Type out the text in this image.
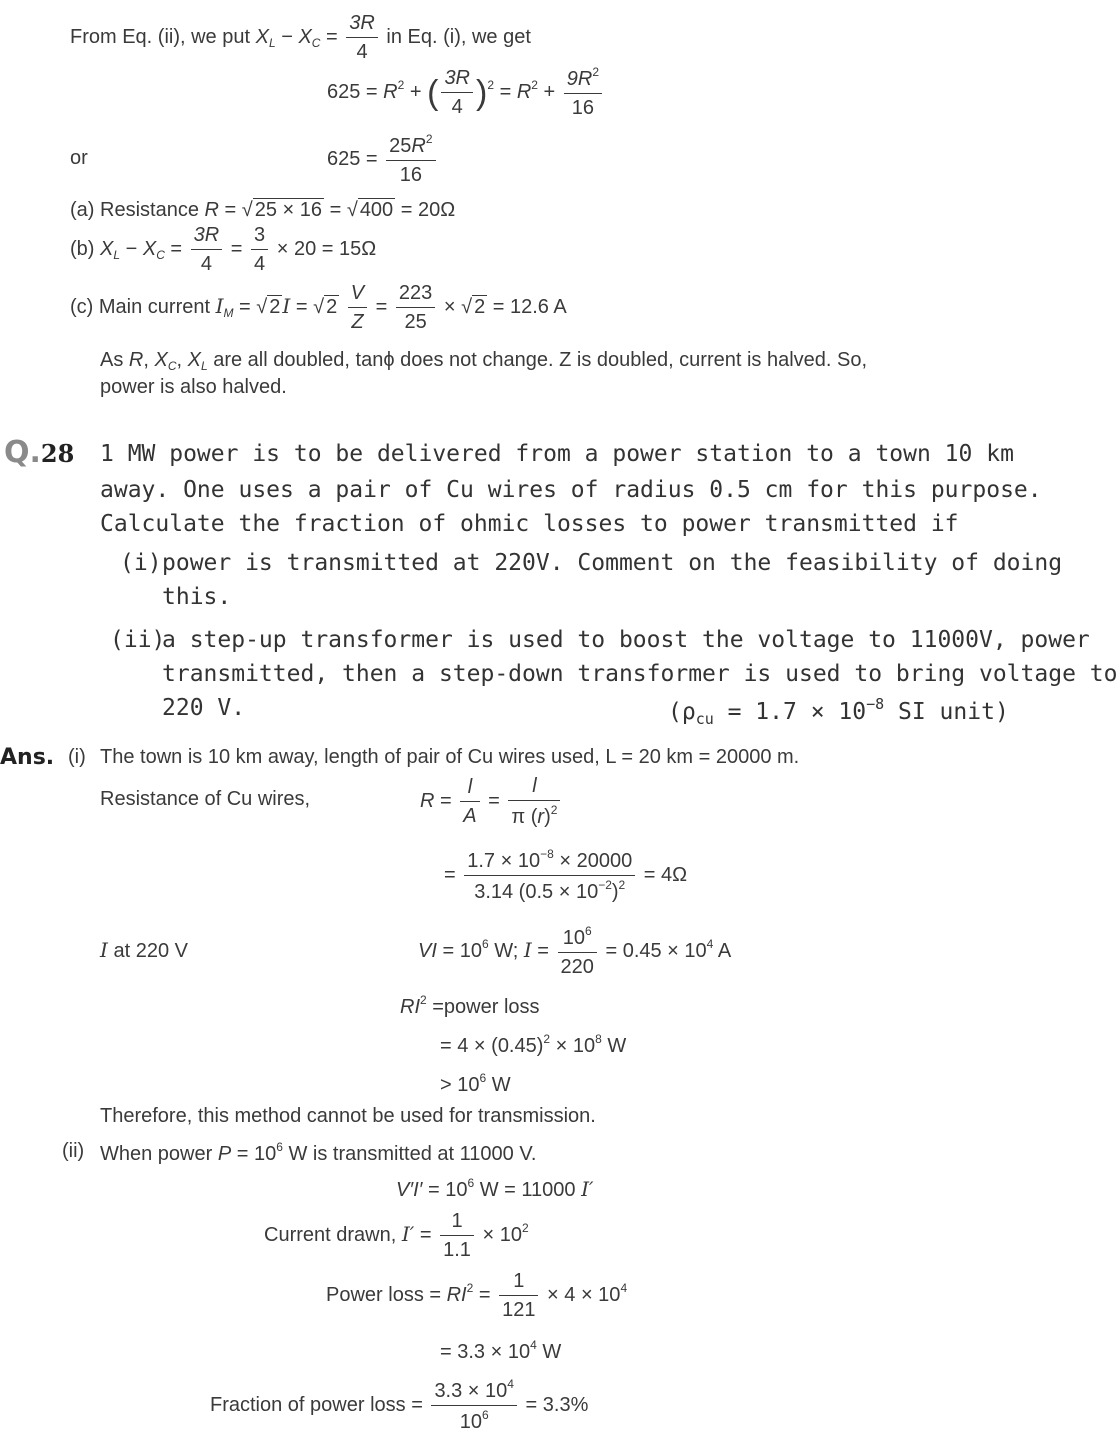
From Eq. (ii), we put $X_L - X_C = \frac{3R}{4}$ in Eq. (i), we get
$625 = R^2$ + ( $\frac{3R}{4} )^2 = R^2 + \frac{9R^2}{16}$
or	$625 = \frac{25R^2}{16}$
(a) Resistance R = √ 25 × 16 = √ 400 = 20Ω
(b) $X_L - X_C = \frac{3R}{4} = \frac{3}{4} \times 20 = 15\Omega$
(c) Main current $I_M$ = √ 2 I = √ $2 \frac{V}{Z} = \frac{223}{25}$ × √ 2 = 12.6 A
As R, $X_C$, $X_L$ are all doubled, tanϕ does not change. Z is doubled, current is halved. So,
power is also halved.
Q.28 1 MW power is to be delivered from a power station to a town 10 km
away. One uses a pair of Cu wires of radius 0.5 cm for this purpose.
Calculate the fraction of ohmic losses to power transmitted if
(i) power is transmitted at 220V. Comment on the feasibility of doing
this.
(ii)
a step-up transformer is used to boost the voltage to 11000V, power
transmitted, then a step-down transformer is used to bring voltage to
220 V.	($\rho_{cu} = 1.7 \times 10^{-8}$ SI unit)
Ans. (i) The town is 10 km away, length of pair of Cu wires used, L = 20 km = 20000 m.
Resistance of Cu wires,	$R = \frac{l}{A} = \frac{l}{\pi (r)^2}$
= $\frac{1.7 \times 10^{-8} \times 20000}{3.14 (0.5 \times 10^{-2})^2} = 4\Omega$
I at 220 V	VI = $10^6$ W; $I = \frac{10^6}{220} = 0.45 \times 10^4$ A
$RI^2$ =power loss
= $4 \times (0.45)^2 \times 10^8$ W
> $10^6$ W
Therefore, this method cannot be used for transmission.
(ii) When power $P = 10^6$ W is transmitted at 11000 V.
$V'I' = 10^6$ W = 11000 I′
Current drawn, $I' = \frac{1}{1.1} \times 10^2$
Power loss = $RI^2 = \frac{1}{121} \times 4 \times 10^4$
= $3.3 \times 10^4$ W
Fraction of power loss = $\frac{3.3 \times 10^4}{10^6} = 3.3\%$
